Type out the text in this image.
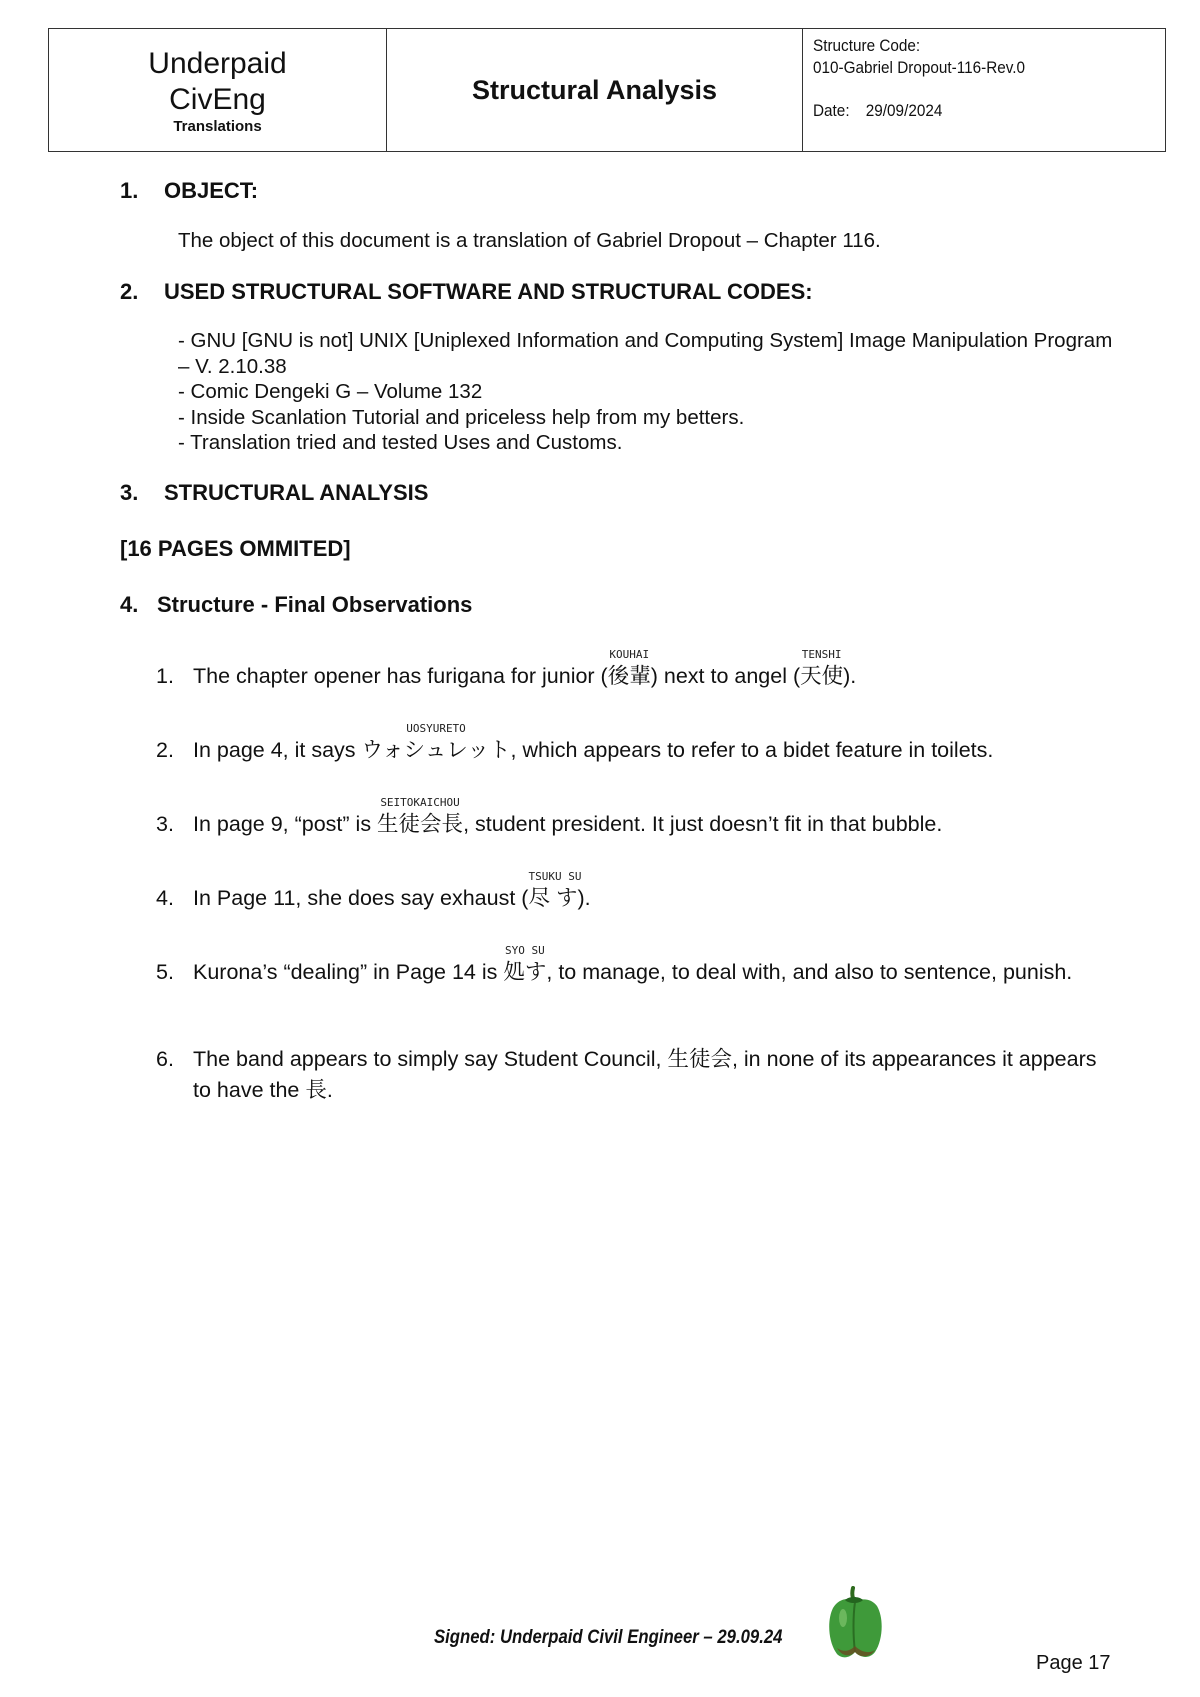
Underpaid
CivEng
Translations
Structural Analysis
Structure Code:
010-Gabriel Dropout-116-Rev.0
Date: 29/09/2024
1. OBJECT:
The object of this document is a translation of Gabriel Dropout – Chapter 116.
2. USED STRUCTURAL SOFTWARE AND STRUCTURAL CODES:
- GNU [GNU is not] UNIX [Uniplexed Information and Computing System] Image Manipulation Program – V. 2.10.38
- Comic Dengeki G – Volume 132
- Inside Scanlation Tutorial and priceless help from my betters.
- Translation tried and tested Uses and Customs.
3. STRUCTURAL ANALYSIS
[16 PAGES OMMITED]
4. Structure - Final Observations
1. The chapter opener has furigana for junior (
KOUHAI
後輩) next to angel (
TENSHI
天使).
2. In page 4, it says
UOSYURETO
ウォシュレット, which appears to refer to a bidet feature in toilets.
3. In page 9, “post” is
SEITOKAICHOU
生徒会長, student president. It just doesn’t fit in that bubble.
4. In Page 11, she does say exhaust (
TSUKU SU
尽 す).
5. Kurona’s “dealing” in Page 14 is
SYO SU
処す, to manage, to deal with, and also to sentence, punish.
6. The band appears to simply say Student Council, 生徒会, in none of its appearances it appears to have the 長.
Signed: Underpaid Civil Engineer – 29.09.24
Page 17
